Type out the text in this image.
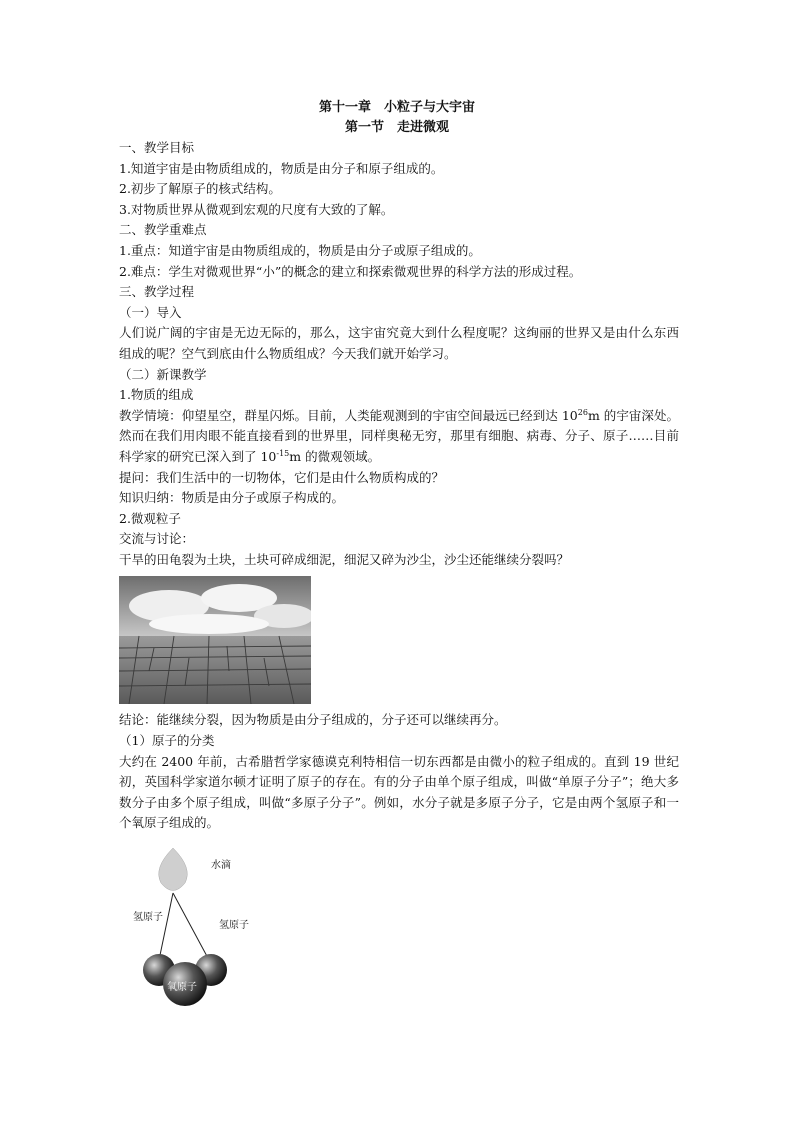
第十一章　小粒子与大宇宙
第一节　走进微观

一、教学目标

1.知道宇宙是由物质组成的，物质是由分子和原子组成的。

2.初步了解原子的核式结构。

3.对物质世界从微观到宏观的尺度有大致的了解。

二、教学重难点

1.重点：知道宇宙是由物质组成的，物质是由分子或原子组成的。

2.难点：学生对微观世界“小”的概念的建立和探索微观世界的科学方法的形成过程。

三、教学过程

（一）导入

人们说广阔的宇宙是无边无际的，那么，这宇宙究竟大到什么程度呢？这绚丽的世界又是由什么东西组成的呢？空气到底由什么物质组成？今天我们就开始学习。

（二）新课教学

1.物质的组成

教学情境：仰望星空，群星闪烁。目前，人类能观测到的宇宙空间最远已经到达 $10^{26}m$ 的宇宙深处。然而在我们用肉眼不能直接看到的世界里，同样奥秘无穷，那里有细胞、病毒、分子、原子……目前科学家的研究已深入到了 $10^{-15}m$ 的微观领域。

提问：我们生活中的一切物体，它们是由什么物质构成的？

知识归纳：物质是由分子或原子构成的。

2.微观粒子

交流与讨论：

干旱的田龟裂为土块，土块可碎成细泥，细泥又碎为沙尘，沙尘还能继续分裂吗？

结论：能继续分裂，因为物质是由分子组成的，分子还可以继续再分。

（1）原子的分类

大约在 2400 年前，古希腊哲学家德谟克利特相信一切东西都是由微小的粒子组成的。直到 19 世纪初，英国科学家道尔顿才证明了原子的存在。有的分子由单个原子组成，叫做“单原子分子”；绝大多数分子由多个原子组成，叫做“多原子分子”。例如，水分子就是多原子分子，它是由两个氢原子和一个氧原子组成的。

水滴
氢原子
氢原子
氧原子
